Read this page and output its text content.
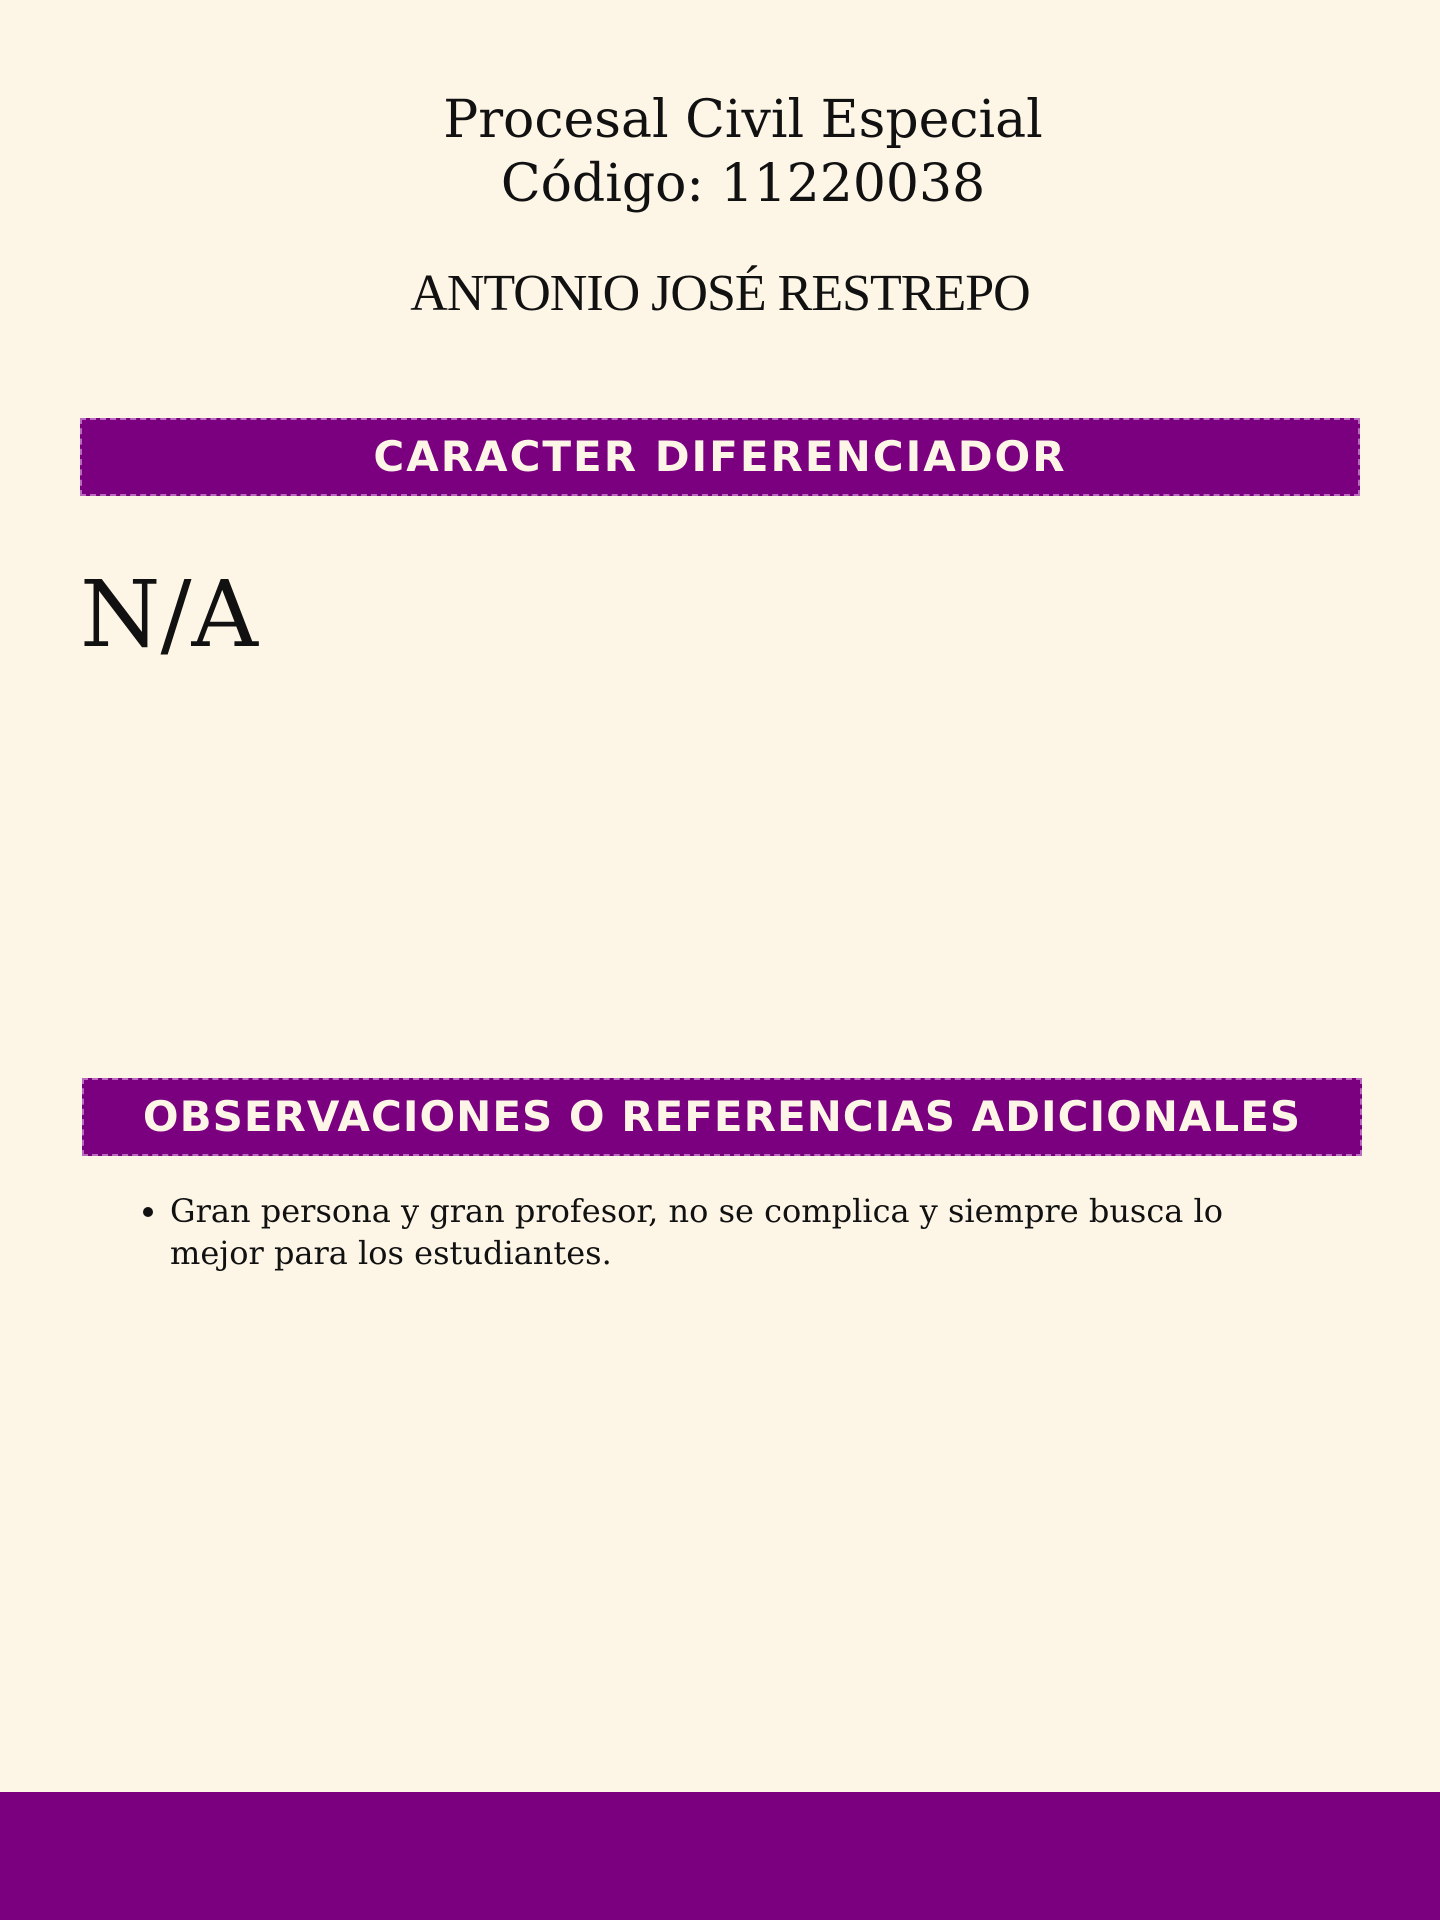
Procesal Civil Especial
Código: 11220038
ANTONIO JOSÉ RESTREPO
CARACTER DIFERENCIADOR
N/A
OBSERVACIONES O REFERENCIAS ADICIONALES
• Gran persona y gran profesor, no se complica y siempre busca lo mejor para los estudiantes.
